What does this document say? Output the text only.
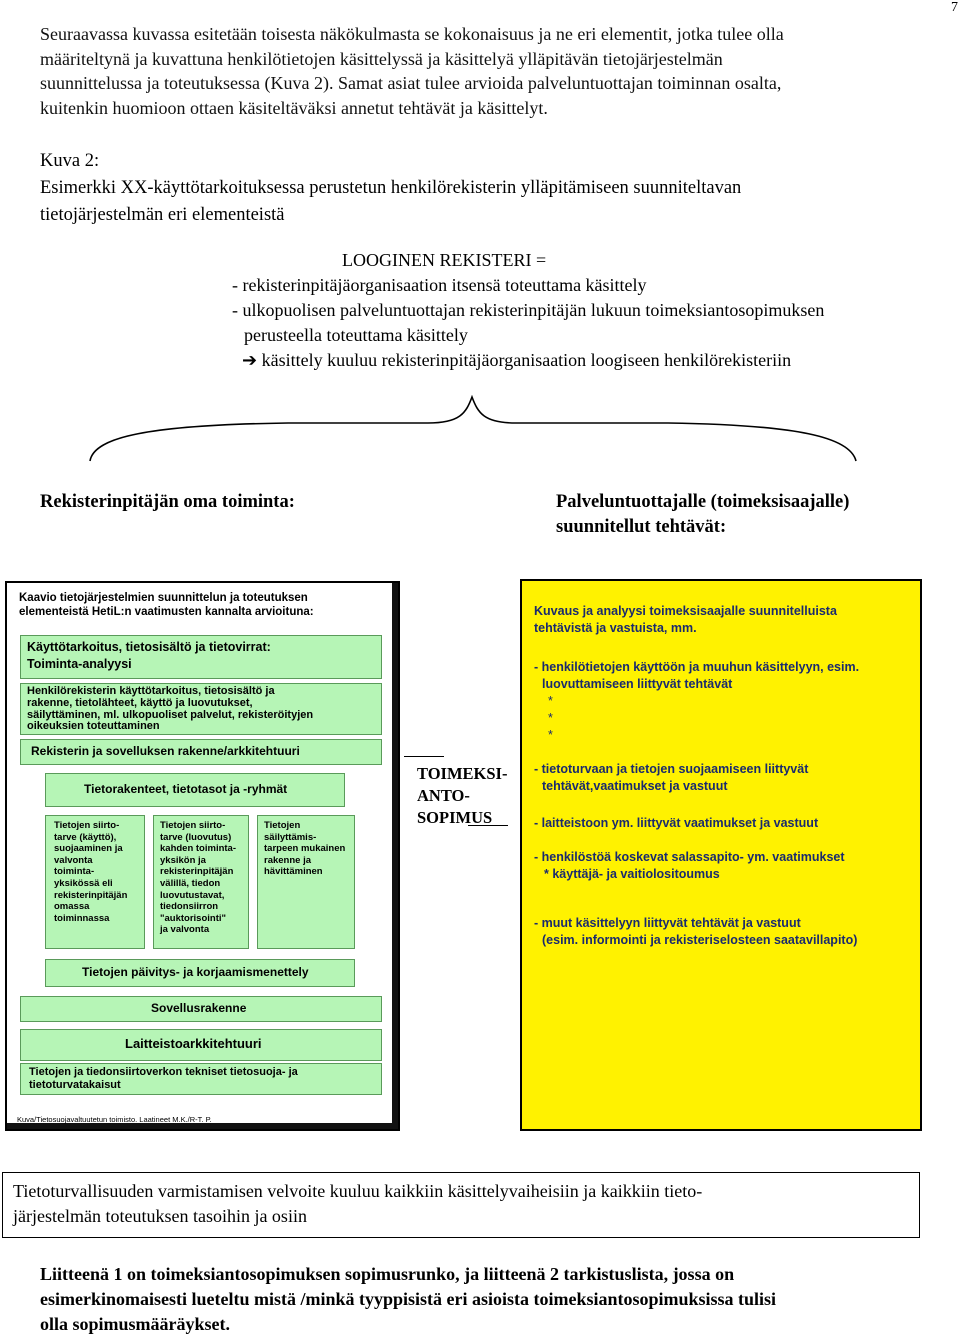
7
Seuraavassa kuvassa esitetään toisesta näkökulmasta se kokonaisuus ja ne eri elementit, jotka tulee olla
määriteltynä ja kuvattuna henkilötietojen käsittelyssä ja käsittelyä ylläpitävän tietojärjestelmän
suunnittelussa ja toteutuksessa (Kuva 2). Samat asiat tulee arvioida palveluntuottajan toiminnan osalta,
kuitenkin huomioon ottaen käsiteltäväksi annetut tehtävät ja käsittelyt.
Kuva 2:
Esimerkki XX-käyttötarkoituksessa perustetun henkilörekisterin ylläpitämiseen suunniteltavan
tietojärjestelmän eri elementeistä
LOOGINEN REKISTERI =
- rekisterinpitäjäorganisaation itsensä toteuttama käsittely
- ulkopuolisen palveluntuottajan rekisterinpitäjän lukuun toimeksiantosopimuksen
perusteella toteuttama käsittely
➔ käsittely kuuluu rekisterinpitäjäorganisaation loogiseen henkilörekisteriin
Rekisterinpitäjän oma toiminta:	Palveluntuottajalle (toimeksisaajalle)
suunnitellut tehtävät:
Kaavio tietojärjestelmien suunnittelun ja toteutuksen
elementeistä HetiL:n vaatimusten kannalta arvioituna:
Käyttötarkoitus, tietosisältö ja tietovirrat:
Toiminta-analyysi
Henkilörekisterin käyttötarkoitus, tietosisältö ja
rakenne, tietolähteet, käyttö ja luovutukset,
säilyttäminen, ml. ulkopuoliset palvelut, rekisteröityjen
oikeuksien toteuttaminen
Rekisterin ja sovelluksen rakenne/arkkitehtuuri
Tietorakenteet, tietotasot ja -ryhmät
Tietojen siirto-
tarve (käyttö),
suojaaminen ja
valvonta
toiminta-
yksikössä eli
rekisterinpitäjän
omassa
toiminnassa
Tietojen siirto-
tarve (luovutus)
kahden toiminta-
yksikön ja
rekisterinpitäjän
välillä, tiedon
luovutustavat,
tiedonsiirron
"auktorisointi"
ja valvonta
Tietojen
säilyttämis-
tarpeen mukainen
rakenne ja
hävittäminen
Tietojen päivitys- ja korjaamismenettely
Sovellusrakenne
Laitteistoarkkitehtuuri
Tietojen ja tiedonsiirtoverkon tekniset tietosuoja- ja
tietoturvatakaisut
Kuva/Tietosuojavaltuutetun toimisto. Laatineet M.K./R-T. P.
TOIMEKSI-
ANTO-
SOPIMUS
Kuvaus ja analyysi toimeksisaajalle suunnitelluista
tehtävistä ja vastuista, mm.
- henkilötietojen käyttöön ja muuhun käsittelyyn, esim.
luovuttamiseen liittyvät tehtävät
*
*
*
- tietoturvaan ja tietojen suojaamiseen liittyvät
tehtävät,vaatimukset ja vastuut
- laitteistoon ym. liittyvät vaatimukset ja vastuut
- henkilöstöä koskevat salassapito- ym. vaatimukset
* käyttäjä- ja vaitiolositoumus
- muut käsittelyyn liittyvät tehtävät ja vastuut
(esim. informointi ja rekisteriselosteen saatavillapito)
Tietoturvallisuuden varmistamisen velvoite kuuluu kaikkiin käsittelyvaiheisiin ja kaikkiin tieto-
järjestelmän toteutuksen tasoihin ja osiin
Liitteenä 1 on toimeksiantosopimuksen sopimusrunko, ja liitteenä 2 tarkistuslista, jossa on
esimerkinomaisesti lueteltu mistä /minkä tyyppisistä eri asioista toimeksiantosopimuksissa tulisi
olla sopimusmääräykset.
